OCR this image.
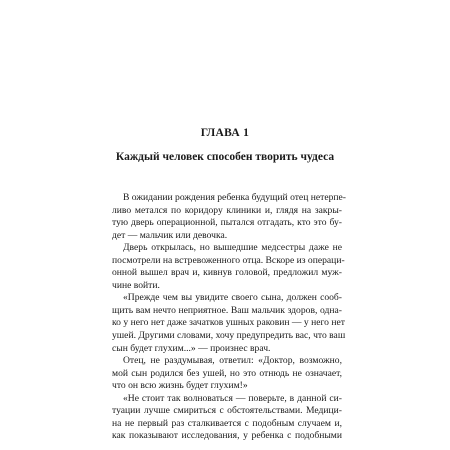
ГЛАВА 1
Каждый человек способен творить чудеса
В ожидании рождения ребенка будущий отец нетерпе-
ливо метался по коридору клиники и, глядя на закры-
тую дверь операционной, пытался отгадать, кто это бу-
дет — мальчик или девочка.
Дверь открылась, но вышедшие медсестры даже не
посмотрели на встревоженного отца. Вскоре из операци-
онной вышел врач и, кивнув головой, предложил муж-
чине войти.
«Прежде чем вы увидите своего сына, должен сооб-
щить вам нечто неприятное. Ваш мальчик здоров, одна-
ко у него нет даже зачатков ушных раковин — у него нет
ушей. Другими словами, хочу предупредить вас, что ваш
сын будет глухим...» — произнес врач.
Отец, не раздумывая, ответил: «Доктор, возможно,
мой сын родился без ушей, но это отнюдь не означает,
что он всю жизнь будет глухим!»
«Не стоит так волноваться — поверьте, в данной си-
туации лучше смириться с обстоятельствами. Медици-
на не первый раз сталкивается с подобным случаем и,
как показывают исследования, у ребенка с подобными
